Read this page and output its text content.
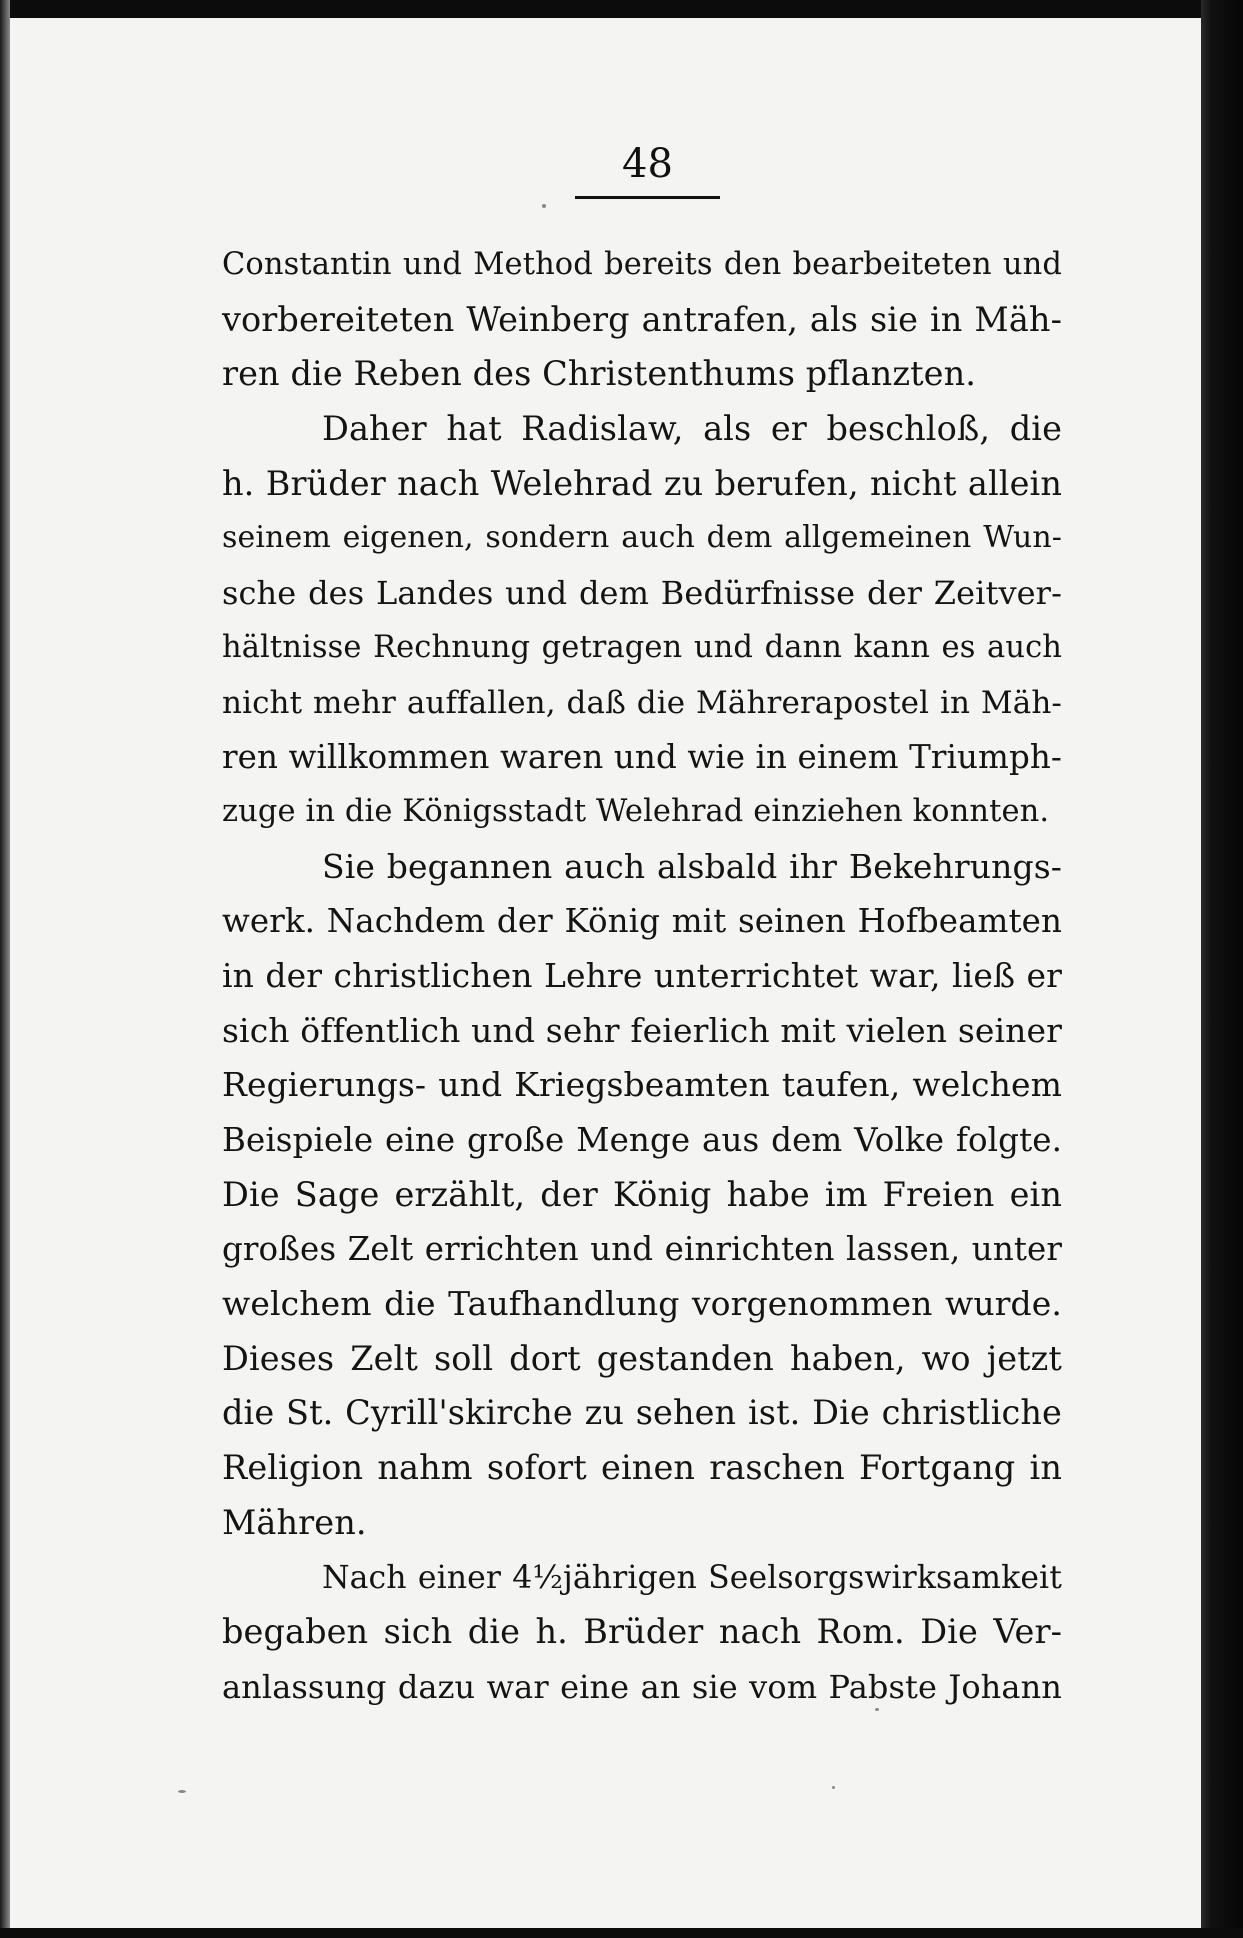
48
Constantin und Method bereits den bearbeiteten und
vorbereiteten Weinberg antrafen, als sie in Mäh-
ren die Reben des Christenthums pflanzten.
Daher hat Radislaw, als er beschloß, die
h. Brüder nach Welehrad zu berufen, nicht allein
seinem eigenen, sondern auch dem allgemeinen Wun-
sche des Landes und dem Bedürfnisse der Zeitver-
hältnisse Rechnung getragen und dann kann es auch
nicht mehr auffallen, daß die Mährerapostel in Mäh-
ren willkommen waren und wie in einem Triumph-
zuge in die Königsstadt Welehrad einziehen konnten.
Sie begannen auch alsbald ihr Bekehrungs-
werk. Nachdem der König mit seinen Hofbeamten
in der christlichen Lehre unterrichtet war, ließ er
sich öffentlich und sehr feierlich mit vielen seiner
Regierungs- und Kriegsbeamten taufen, welchem
Beispiele eine große Menge aus dem Volke folgte.
Die Sage erzählt, der König habe im Freien ein
großes Zelt errichten und einrichten lassen, unter
welchem die Taufhandlung vorgenommen wurde.
Dieses Zelt soll dort gestanden haben, wo jetzt
die St. Cyrill'skirche zu sehen ist. Die christliche
Religion nahm sofort einen raschen Fortgang in
Mähren.
Nach einer 4½jährigen Seelsorgswirksamkeit
begaben sich die h. Brüder nach Rom. Die Ver-
anlassung dazu war eine an sie vom Pabste Johann
